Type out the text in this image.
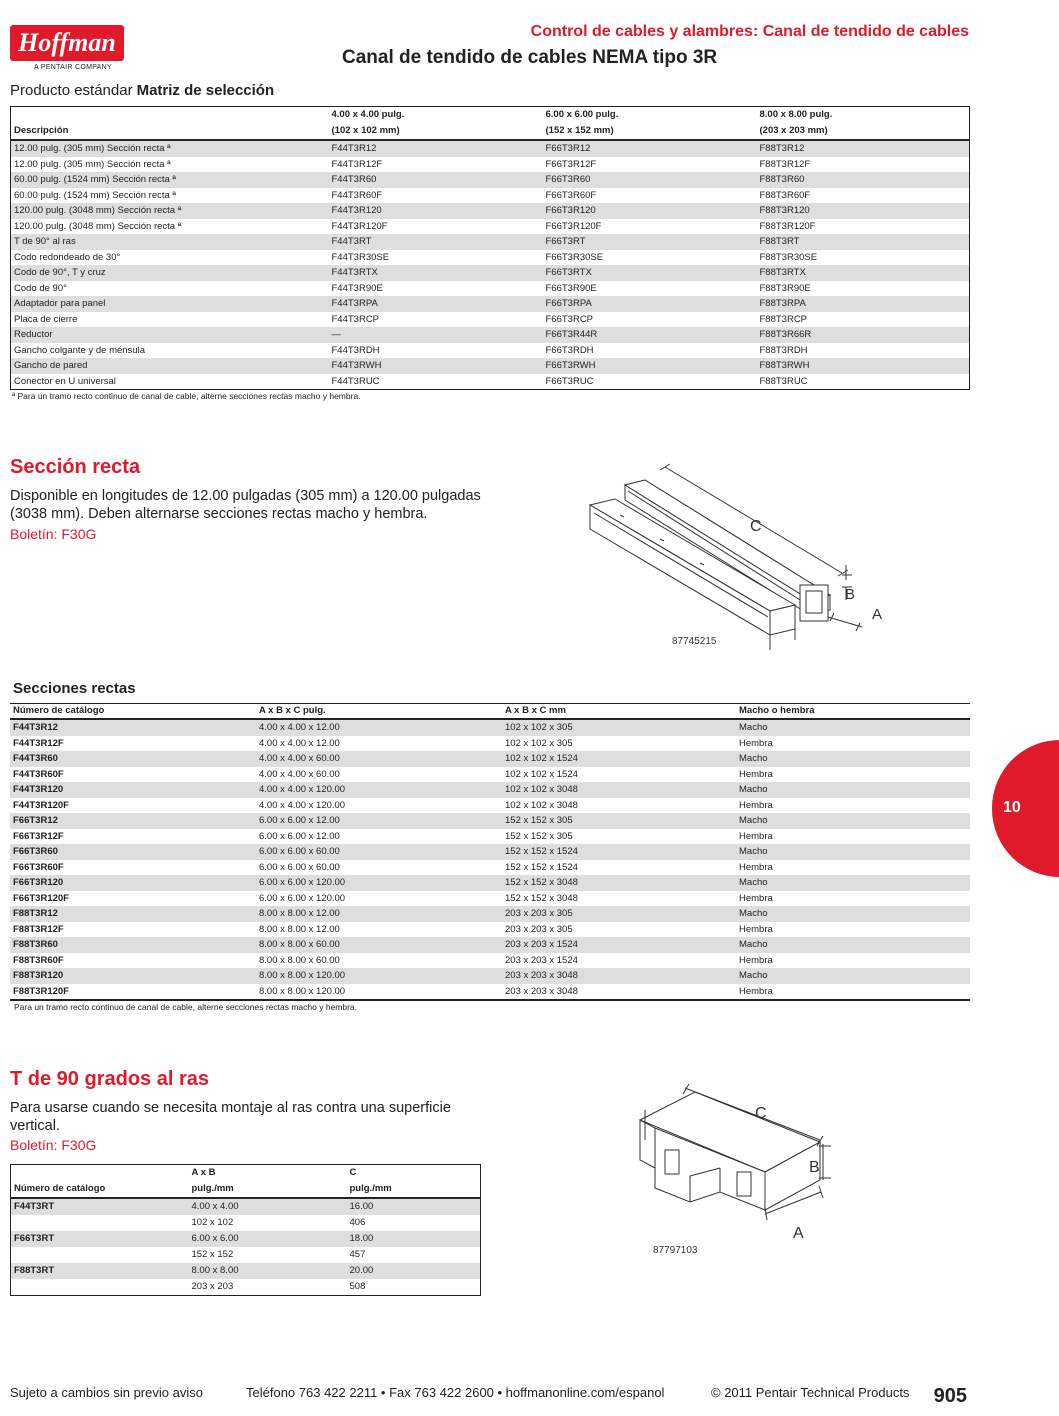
Hoffman
A PENTAIR COMPANY
Control de cables y alambres: Canal de tendido de cables
Canal de tendido de cables NEMA tipo 3R
Producto estándar Matriz de selección
	4.00 x 4.00 pulg.	6.00 x 6.00 pulg.	8.00 x 8.00 pulg.
Descripción	(102 x 102 mm)	(152 x 152 mm)	(203 x 203 mm)
12.00 pulg. (305 mm) Sección recta ª	F44T3R12	F66T3R12	F88T3R12
12.00 pulg. (305 mm) Sección recta ª	F44T3R12F	F66T3R12F	F88T3R12F
60.00 pulg. (1524 mm) Sección recta ª	F44T3R60	F66T3R60	F88T3R60
60.00 pulg. (1524 mm) Sección recta ª	F44T3R60F	F66T3R60F	F88T3R60F
120.00 pulg. (3048 mm) Sección recta ª	F44T3R120	F66T3R120	F88T3R120
120.00 pulg. (3048 mm) Sección recta ª	F44T3R120F	F66T3R120F	F88T3R120F
T de 90° al ras	F44T3RT	F66T3RT	F88T3RT
Codo redondeado de 30°	F44T3R30SE	F66T3R30SE	F88T3R30SE
Codo de 90°, T y cruz	F44T3RTX	F66T3RTX	F88T3RTX
Codo de 90°	F44T3R90E	F66T3R90E	F88T3R90E
Adaptador para panel	F44T3RPA	F66T3RPA	F88T3RPA
Placa de cierre	F44T3RCP	F66T3RCP	F88T3RCP
Reductor	—	F66T3R44R	F88T3R66R
Gancho colgante y de ménsula	F44T3RDH	F66T3RDH	F88T3RDH
Gancho de pared	F44T3RWH	F66T3RWH	F88T3RWH
Conector en U universal	F44T3RUC	F66T3RUC	F88T3RUC
ª Para un tramo recto continuo de canal de cable, alterne secciones rectas macho y hembra.
Sección recta
Disponible en longitudes de 12.00 pulgadas (305 mm) a 120.00 pulgadas (3038 mm). Deben alternarse secciones rectas macho y hembra.
Boletín: F30G	C
B
A
87745215
Secciones rectas
Número de catálogo	A x B x C pulg.	A x B x C mm	Macho o hembra
F44T3R12	4.00 x 4.00 x 12.00	102 x 102 x 305	Macho
F44T3R12F	4.00 x 4.00 x 12.00	102 x 102 x 305	Hembra
F44T3R60	4.00 x 4.00 x 60.00	102 x 102 x 1524	Macho
F44T3R60F	4.00 x 4.00 x 60.00	102 x 102 x 1524	Hembra
F44T3R120	4.00 x 4.00 x 120.00	102 x 102 x 3048	Macho
F44T3R120F	4.00 x 4.00 x 120.00	102 x 102 x 3048	Hembra
F66T3R12	6.00 x 6.00 x 12.00	152 x 152 x 305	Macho
F66T3R12F	6.00 x 6.00 x 12.00	152 x 152 x 305	Hembra
F66T3R60	6.00 x 6.00 x 60.00	152 x 152 x 1524	Macho
F66T3R60F	6.00 x 6.00 x 60.00	152 x 152 x 1524	Hembra
F66T3R120	6.00 x 6.00 x 120.00	152 x 152 x 3048	Macho
F66T3R120F	6.00 x 6.00 x 120.00	152 x 152 x 3048	Hembra
F88T3R12	8.00 x 8.00 x 12.00	203 x 203 x 305	Macho
F88T3R12F	8.00 x 8.00 x 12.00	203 x 203 x 305	Hembra
F88T3R60	8.00 x 8.00 x 60.00	203 x 203 x 1524	Macho
F88T3R60F	8.00 x 8.00 x 60.00	203 x 203 x 1524	Hembra
F88T3R120	8.00 x 8.00 x 120.00	203 x 203 x 3048	Macho
F88T3R120F	8.00 x 8.00 x 120.00	203 x 203 x 3048	Hembra
Para un tramo recto continuo de canal de cable, alterne secciones rectas macho y hembra.
T de 90 grados al ras
Para usarse cuando se necesita montaje al ras contra una superficie vertical.
Boletín: F30G
	A x B	C
Número de catálogo	pulg./mm	pulg./mm
F44T3RT	4.00 x 4.00	16.00
	102 x 102	406
F66T3RT	6.00 x 6.00	18.00
	152 x 152	457
F88T3RT	8.00 x 8.00	20.00
	203 x 203	508
C
B
A
87797103
10
Sujeto a cambios sin previo aviso	Teléfono 763 422 2211 • Fax 763 422 2600 • hoffmanonline.com/espanol	© 2011 Pentair Technical Products 905
